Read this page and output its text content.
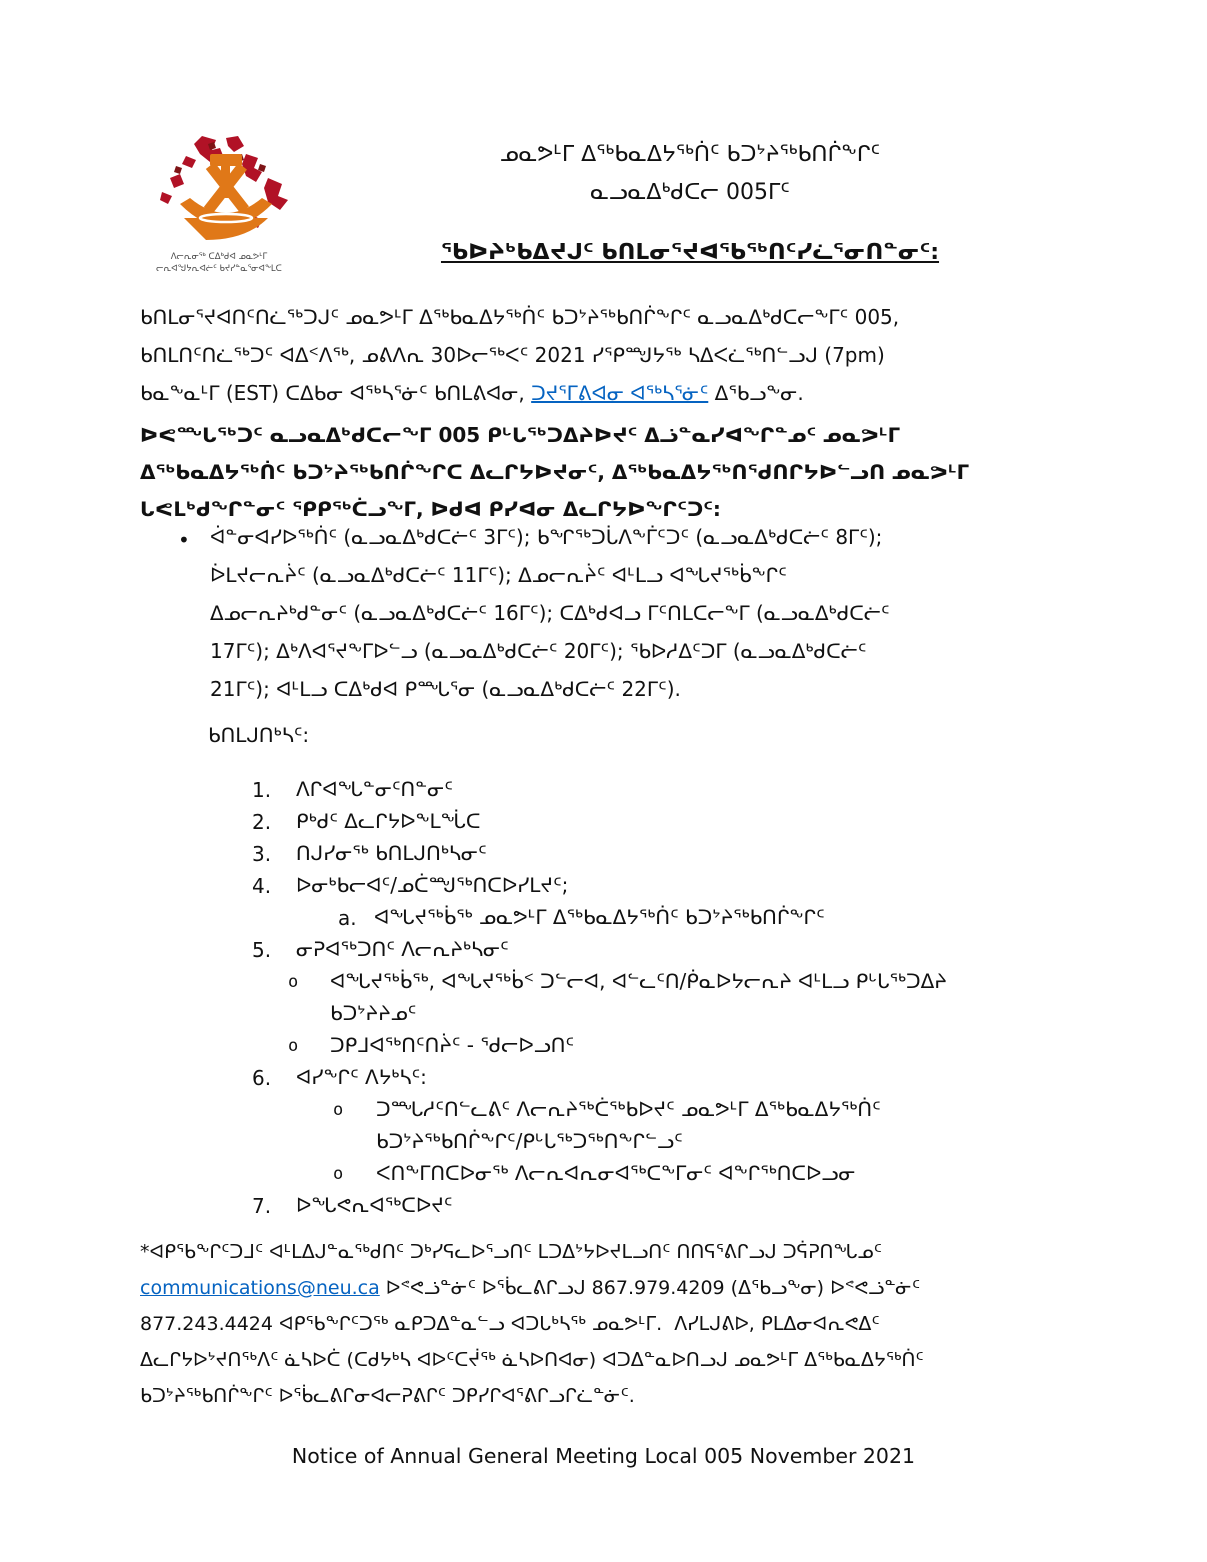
ᐱᓕᕆᓂᖅ ᑕᐃᒃᑯᐊ ᓄᓇᕗᒻᒥ
ᓕᕆᐊᖑᔭᕆᐊᓖᑦ ᑲᔪᓯᓐᓇᕐᓂᐊᖕᒪᑕ
ᓄᓇᕗᒻᒥ ᐃᖅᑲᓇᐃᔭᖅᑏᑦ ᑲᑐᔾᔨᖅᑲᑎᒌᖕᒋᑦ
ᓇᓗᓇᐃᒃᑯᑕᓕ 005ᒥᑦ
ᖃᐅᔨᒃᑲᐃᔪᒍᑦ ᑲᑎᒪᓂᕐᔪᐊᖃᖅᑎᑦᓯᓛᕐᓂᑎᓐᓂᑦ:
ᑲᑎᒪᓂᕐᔪᐊᑎᑦᑎᓛᖅᑐᒍᑦ ᓄᓇᕗᒻᒥ ᐃᖅᑲᓇᐃᔭᖅᑏᑦ ᑲᑐᔾᔨᖅᑲᑎᒌᖕᒋᑦ ᓇᓗᓇᐃᒃᑯᑕᓕᖕᒥᑦ 005,
ᑲᑎᒪᑎᑦᑎᓛᖅᑐᑦ ᐊᐃᑉᐱᖅ, ᓄᕕᐱᕆ 30ᐅᓕᖅᐸᑦ 2021 ᓯᕿᙳᔭᖅ ᓴᐃᐸᓛᖅᑎᓪᓗᒍ (7pm)
ᑲᓇᖕᓇᒻᒥ (EST) ᑕᐃᑲᓂ ᐊᖅᓴᕐᓃᑦ ᑲᑎᒪᕕᐊᓂ, ᑐᔪᕐᒥᕕᐊᓂ ᐊᖅᓴᕐᓃᑦ ᐃᖃᓗᖕᓂ.
ᐅᕙᙵᖅᑐᑦ ᓇᓗᓇᐃᒃᑯᑕᓕᖕᒥ 005 ᑭᒡᒐᖅᑐᐃᔨᐅᔪᑦ ᐃᓘᓐᓇᓯᐊᖕᒋᓐᓄᑦ ᓄᓇᕗᒻᒥ
ᐃᖅᑲᓇᐃᔭᖅᑏᑦ ᑲᑐᔾᔨᖅᑲᑎᒌᖕᒋᑕ ᐃᓚᒋᔭᐅᔪᓂᑦ, ᐃᖅᑲᓇᐃᔭᖅᑎᖁᑎᒋᔭᐅᓪᓗᑎ ᓄᓇᕗᒻᒥ
ᒐᕙᒪᒃᑯᖕᒋᓐᓂᑦ ᕿᑭᖅᑖᓗᖕᒥ, ᐅᑯᐊ ᑭᓯᐊᓂ ᐃᓚᒋᔭᐅᖕᒋᑦᑐᑦ:
• ᐋᓐᓂᐊᓯᐅᖅᑏᑦ (ᓇᓗᓇᐃᒃᑯᑕᓖᑦ 3ᒥᑦ); ᑲᖏᖅᑐᒑᐱᖕᒦᑦᑐᑦ (ᓇᓗᓇᐃᒃᑯᑕᓖᑦ 8ᒥᑦ);
ᐆᒪᔪᓕᕆᔩᑦ (ᓇᓗᓇᐃᒃᑯᑕᓖᑦ 11ᒥᑦ); ᐃᓄᓕᕆᔩᑦ ᐊᒻᒪᓗ ᐊᖓᔪᖅᑳᖕᒋᑦ
ᐃᓄᓕᕆᔨᒃᑯᓐᓂᑦ (ᓇᓗᓇᐃᒃᑯᑕᓖᑦ 16ᒥᑦ); ᑕᐃᒃᑯᐊᓗ ᒥᑦᑎᒪᑕᓕᖕᒥ (ᓇᓗᓇᐃᒃᑯᑕᓖᑦ
17ᒥᑦ); ᐃᒃᐱᐊᕐᔪᖕᒥᐅᓪᓗ (ᓇᓗᓇᐃᒃᑯᑕᓖᑦ 20ᒥᑦ); ᖃᐅᓱᐃᑦᑐᒥ (ᓇᓗᓇᐃᒃᑯᑕᓖᑦ
21ᒥᑦ); ᐊᒻᒪᓗ ᑕᐃᒃᑯᐊ ᑭᙵᕐᓂ (ᓇᓗᓇᐃᒃᑯᑕᓖᑦ 22ᒥᑦ).
ᑲᑎᒪᒍᑎᒃᓴᑦ:
1. ᐱᒋᐊᖓᓐᓂᑦᑎᓐᓂᑦ
2. ᑭᒃᑯᑦ ᐃᓚᒋᔭᐅᖕᒪᖔᑕ
3. ᑎᒍᓯᓂᖅ ᑲᑎᒪᒍᑎᒃᓴᓂᑦ
4. ᐅᓂᒃᑲᓕᐊᑦ/ᓄᑖᙳᖅᑎᑕᐅᓯᒪᔪᑦ;
a. ᐊᖓᔪᖅᑳᖅ ᓄᓇᕗᒻᒥ ᐃᖅᑲᓇᐃᔭᖅᑏᑦ ᑲᑐᔾᔨᖅᑲᑎᒌᖕᒋᑦ
5. ᓂᕈᐊᖅᑐᑎᑦ ᐱᓕᕆᔨᒃᓴᓂᑦ
o ᐊᖓᔪᖅᑳᖅ, ᐊᖓᔪᖅᑳᑉ ᑐᓪᓕᐊ, ᐊᓪᓚᑦᑎ/ᑮᓇᐅᔭᓕᕆᔨ ᐊᒻᒪᓗ ᑭᒡᒐᖅᑐᐃᔨ
ᑲᑐᔾᔨᔨᓄᑦ
o ᑐᑭᒧᐊᖅᑎᑦᑎᔩᑦ - ᖁᓕᐅᓗᑎᑦ
6. ᐊᓯᖕᒋᑦ ᐱᔭᒃᓴᑦ:
o ᑐᙵᓱᑦᑎᓪᓚᕕᑦ ᐱᓕᕆᔨᖅᑖᖅᑲᐅᔪᑦ ᓄᓇᕗᒻᒥ ᐃᖅᑲᓇᐃᔭᖅᑏᑦ
ᑲᑐᔾᔨᖅᑲᑎᒌᖕᒋᑦ/ᑭᒡᒐᖅᑐᖅᑎᖕᒋᓪᓗᑦ
o ᐸᑎᖕᒥᑎᑕᐅᓂᖅ ᐱᓕᕆᐊᕆᓂᐊᖅᑕᖕᒥᓂᑦ ᐊᖕᒋᖅᑎᑕᐅᓗᓂ
7. ᐅᖓᕙᕆᐊᖅᑕᐅᔪᑦ
*ᐊᑭᖃᖕᒋᑦᑐᒧᑦ ᐊᒻᒪᐃᒍᓐᓇᖅᑯᑎᑦ ᑐᒃᓯᕋᓚᐅᕐᓗᑎᑦ ᒪᑐᐃᔾᔭᐅᔪᒪᓗᑎᑦ ᑎᑎᕋᕐᕕᒋᓗᒍ ᑐᕌᕈᑎᖓᓄᑦ
communications@neu.ca ᐅᕝᕙᓘᓐᓃᑦ ᐅᖄᓚᕕᒋᓗᒍ 867.979.4209 (ᐃᖃᓗᖕᓂ) ᐅᕝᕙᓘᓐᓃᑦ
877.243.4424 ᐊᑭᖃᖕᒋᑦᑐᖅ ᓇᑭᑐᐃᓐᓇᓪᓗ ᐊᑐᒐᒃᓴᖅ ᓄᓇᕗᒻᒥ.  ᐱᓯᒪᒍᕕᐅ, ᑭᒪᐃᓂᐊᕆᕙᐃᑦ
ᐃᓚᒋᔭᐅᔾᔪᑎᖅᐱᑦ ᓈᓴᐅᑖ (ᑕᑯᔭᒃᓴ ᐊᐅᑦᑕᔫᖅ ᓈᓴᐅᑎᐊᓂ) ᐊᑐᐃᓐᓇᐅᑎᓗᒍ ᓄᓇᕗᒻᒥ ᐃᖅᑲᓇᐃᔭᖅᑏᑦ
ᑲᑐᔾᔨᖅᑲᑎᒌᖕᒋᑦ ᐅᖄᓚᕕᒋᓂᐊᓕᕈᕕᒋᑦ ᑐᑭᓯᒋᐊᕐᕕᒋᓗᒋᓛᓐᓃᑦ.
Notice of Annual General Meeting Local 005 November 2021
